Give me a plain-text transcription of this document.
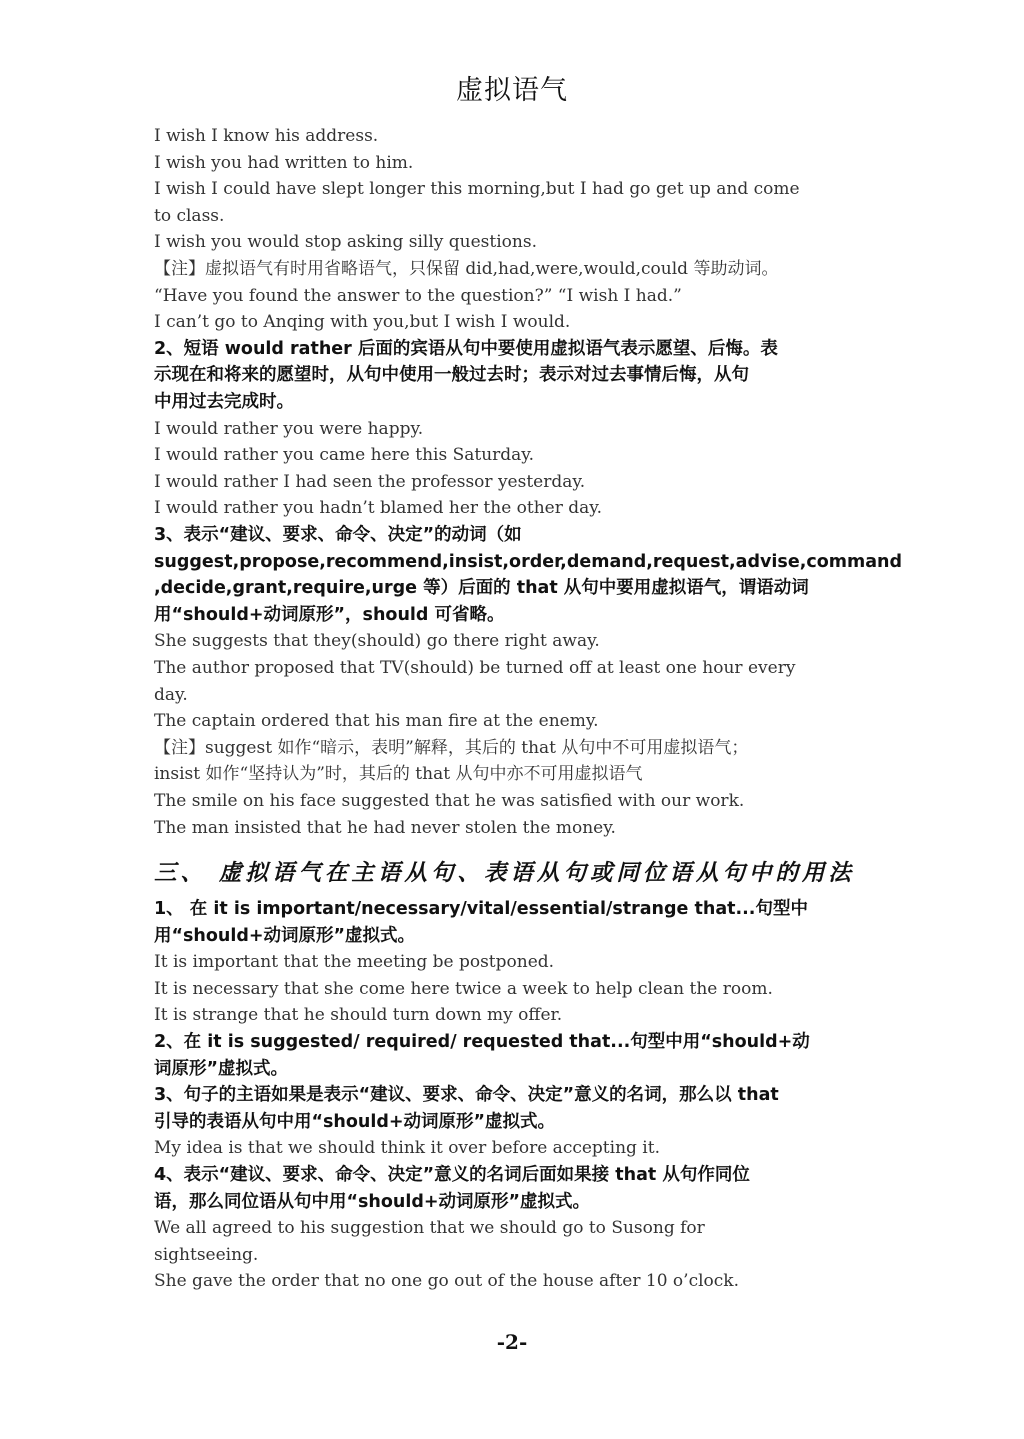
虚拟语气
I wish I know his address.
I wish you had written to him.
I wish I could have slept longer this morning,but I had go get up and come
to class.
I wish you would stop asking silly questions.
【注】虚拟语气有时用省略语气，只保留 did,had,were,would,could 等助动词。
“Have you found the answer to the question?” “I wish I had.”
I can’t go to Anqing with you,but I wish I would.
2、短语 would rather 后面的宾语从句中要使用虚拟语气表示愿望、后悔。表
示现在和将来的愿望时，从句中使用一般过去时；表示对过去事情后悔，从句
中用过去完成时。
I would rather you were happy.
I would rather you came here this Saturday.
I would rather I had seen the professor yesterday.
I would rather you hadn’t blamed her the other day.
3、表示“建议、要求、命令、决定”的动词（如
suggest,propose,recommend,insist,order,demand,request,advise,command
,decide,grant,require,urge 等）后面的 that 从句中要用虚拟语气，谓语动词
用“should+动词原形”，should 可省略。
She suggests that they(should) go there right away.
The author proposed that TV(should) be turned off at least one hour every
day.
The captain ordered that his man fire at the enemy.
【注】suggest 如作“暗示，表明”解释，其后的 that 从句中不可用虚拟语气；
insist 如作“坚持认为”时，其后的 that 从句中亦不可用虚拟语气
The smile on his face suggested that he was satisfied with our work.
The man insisted that he had never stolen the money.
三、 虚拟语气在主语从句、表语从句或同位语从句中的用法
1、 在 it is important/necessary/vital/essential/strange that...句型中
用“should+动词原形”虚拟式。
It is important that the meeting be postponed.
It is necessary that she come here twice a week to help clean the room.
It is strange that he should turn down my offer.
2、在 it is suggested/ required/ requested that...句型中用“should+动
词原形”虚拟式。
3、句子的主语如果是表示“建议、要求、命令、决定”意义的名词，那么以 that
引导的表语从句中用“should+动词原形”虚拟式。
My idea is that we should think it over before accepting it.
4、表示“建议、要求、命令、决定”意义的名词后面如果接 that 从句作同位
语，那么同位语从句中用“should+动词原形”虚拟式。
We all agreed to his suggestion that we should go to Susong for
sightseeing.
She gave the order that no one go out of the house after 10 o’clock.
-2-
